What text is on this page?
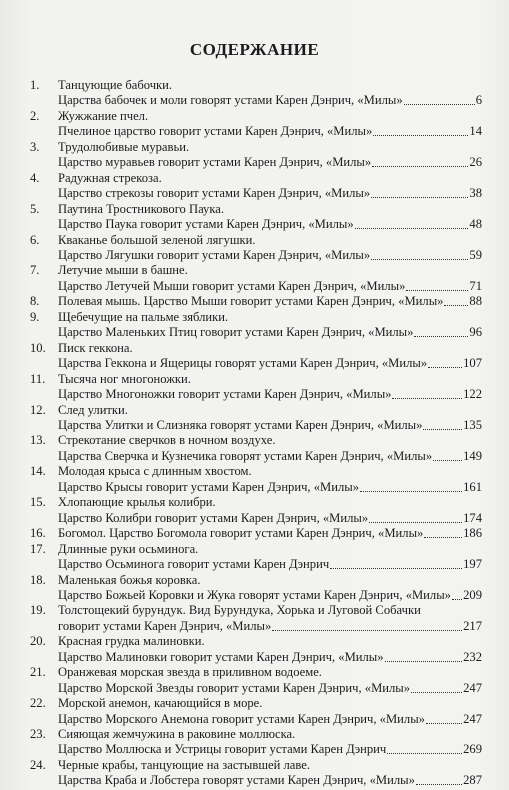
СОДЕРЖАНИЕ
1.	Танцующие бабочки.
Царства бабочек и моли говорят устами Карен Дэнрич, «Милы»	6
2.	Жужжание пчел.
Пчелиное царство говорит устами Карен Дэнрич, «Милы»	14
3.	Трудолюбивые муравьи.
Царство муравьев говорит устами Карен Дэнрич, «Милы»	26
4.	Радужная стрекоза.
Царство стрекозы говорит устами Карен Дэнрич, «Милы»	38
5.	Паутина Тростникового Паука.
Царство Паука говорит устами Карен Дэнрич, «Милы»	48
6.	Кваканье большой зеленой лягушки.
Царство Лягушки говорит устами Карен Дэнрич, «Милы»	59
7.	Летучие мыши в башне.
Царство Летучей Мыши говорит устами Карен Дэнрич, «Милы»	71
8.	Полевая мышь. Царство Мыши говорит устами Карен Дэнрич, «Милы» 88
9.	Щебечущие на пальме зяблики.
Царство Маленьких Птиц говорит устами Карен Дэнрич, «Милы»	96
10. Писк геккона.
Царства Геккона и Ящерицы говорят устами Карен Дэнрич, «Милы»	107
11.	Тысяча ног многоножки.
Царство Многоножки говорит устами Карен Дэнрич, «Милы»	122
12. След улитки.
Царства Улитки и Слизняка говорят устами Карен Дэнрич, «Милы»	135
13. Стрекотание сверчков в ночном воздухе.
Царства Сверчка и Кузнечика говорят устами Карен Дэнрич, «Милы» 149
14. Молодая крыса с длинным хвостом.
Царство Крысы говорит устами Карен Дэнрич, «Милы»	161
15. Хлопающие крылья колибри.
Царство Колибри говорит устами Карен Дэнрич, «Милы»	174
16. Богомол. Царство Богомола говорит устами Карен Дэнрич, «Милы»	186
17. Длинные руки осьминога.
Царство Осьминога говорит устами Карен Дэнрич	197
18. Маленькая божья коровка.
Царство Божьей Коровки и Жука говорят устами Карен Дэнрич, «Милы» 209
19. Толстощекий бурундук. Вид Бурундука, Хорька и Луговой Собачки
говорит устами Карен Дэнрич, «Милы»	217
20. Красная грудка малиновки.
Царство Малиновки говорит устами Карен Дэнрич, «Милы»	232
21. Оранжевая морская звезда в приливном водоеме.
Царство Морской Звезды говорит устами Карен Дэнрич, «Милы»	247
22. Морской анемон, качающийся в море.
Царство Морского Анемона говорит устами Карен Дэнрич, «Милы»	247
23. Сияющая жемчужина в раковине моллюска.
Царство Моллюска и Устрицы говорит устами Карен Дэнрич	269
24. Черные крабы, танцующие на застывшей лаве.
Царства Краба и Лобстера говорят устами Карен Дэнрич, «Милы»	287
